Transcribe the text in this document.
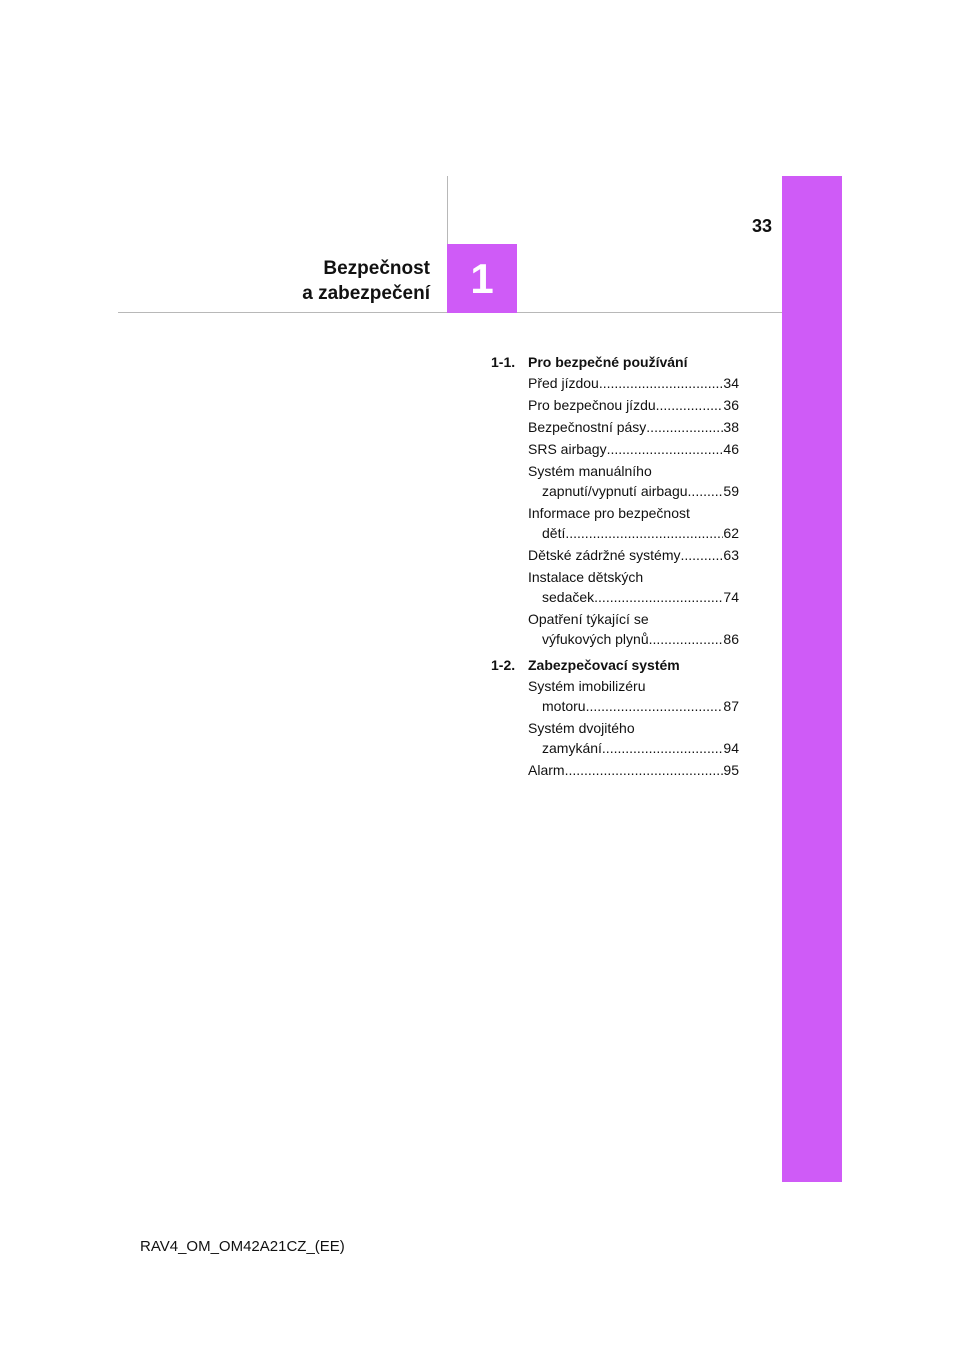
1
33
Bezpečnost
a zabezpečení
1-1. Pro bezpečné používání
Před jízdou .....	34
Pro bezpečnou jízdu .....	36
Bezpečnostní pásy .....	38
SRS airbagy .....	46
Systém manuálního
zapnutí/vypnutí airbagu .....	59
Informace pro bezpečnost
dětí .....	62
Dětské zádržné systémy .....	63
Instalace dětských
sedaček .....	74
Opatření týkající se
výfukových plynů .....	86
1-2. Zabezpečovací systém
Systém imobilizéru
motoru .....	87
Systém dvojitého
zamykání .....	94
Alarm .....	95
RAV4_OM_OM42A21CZ_(EE)
